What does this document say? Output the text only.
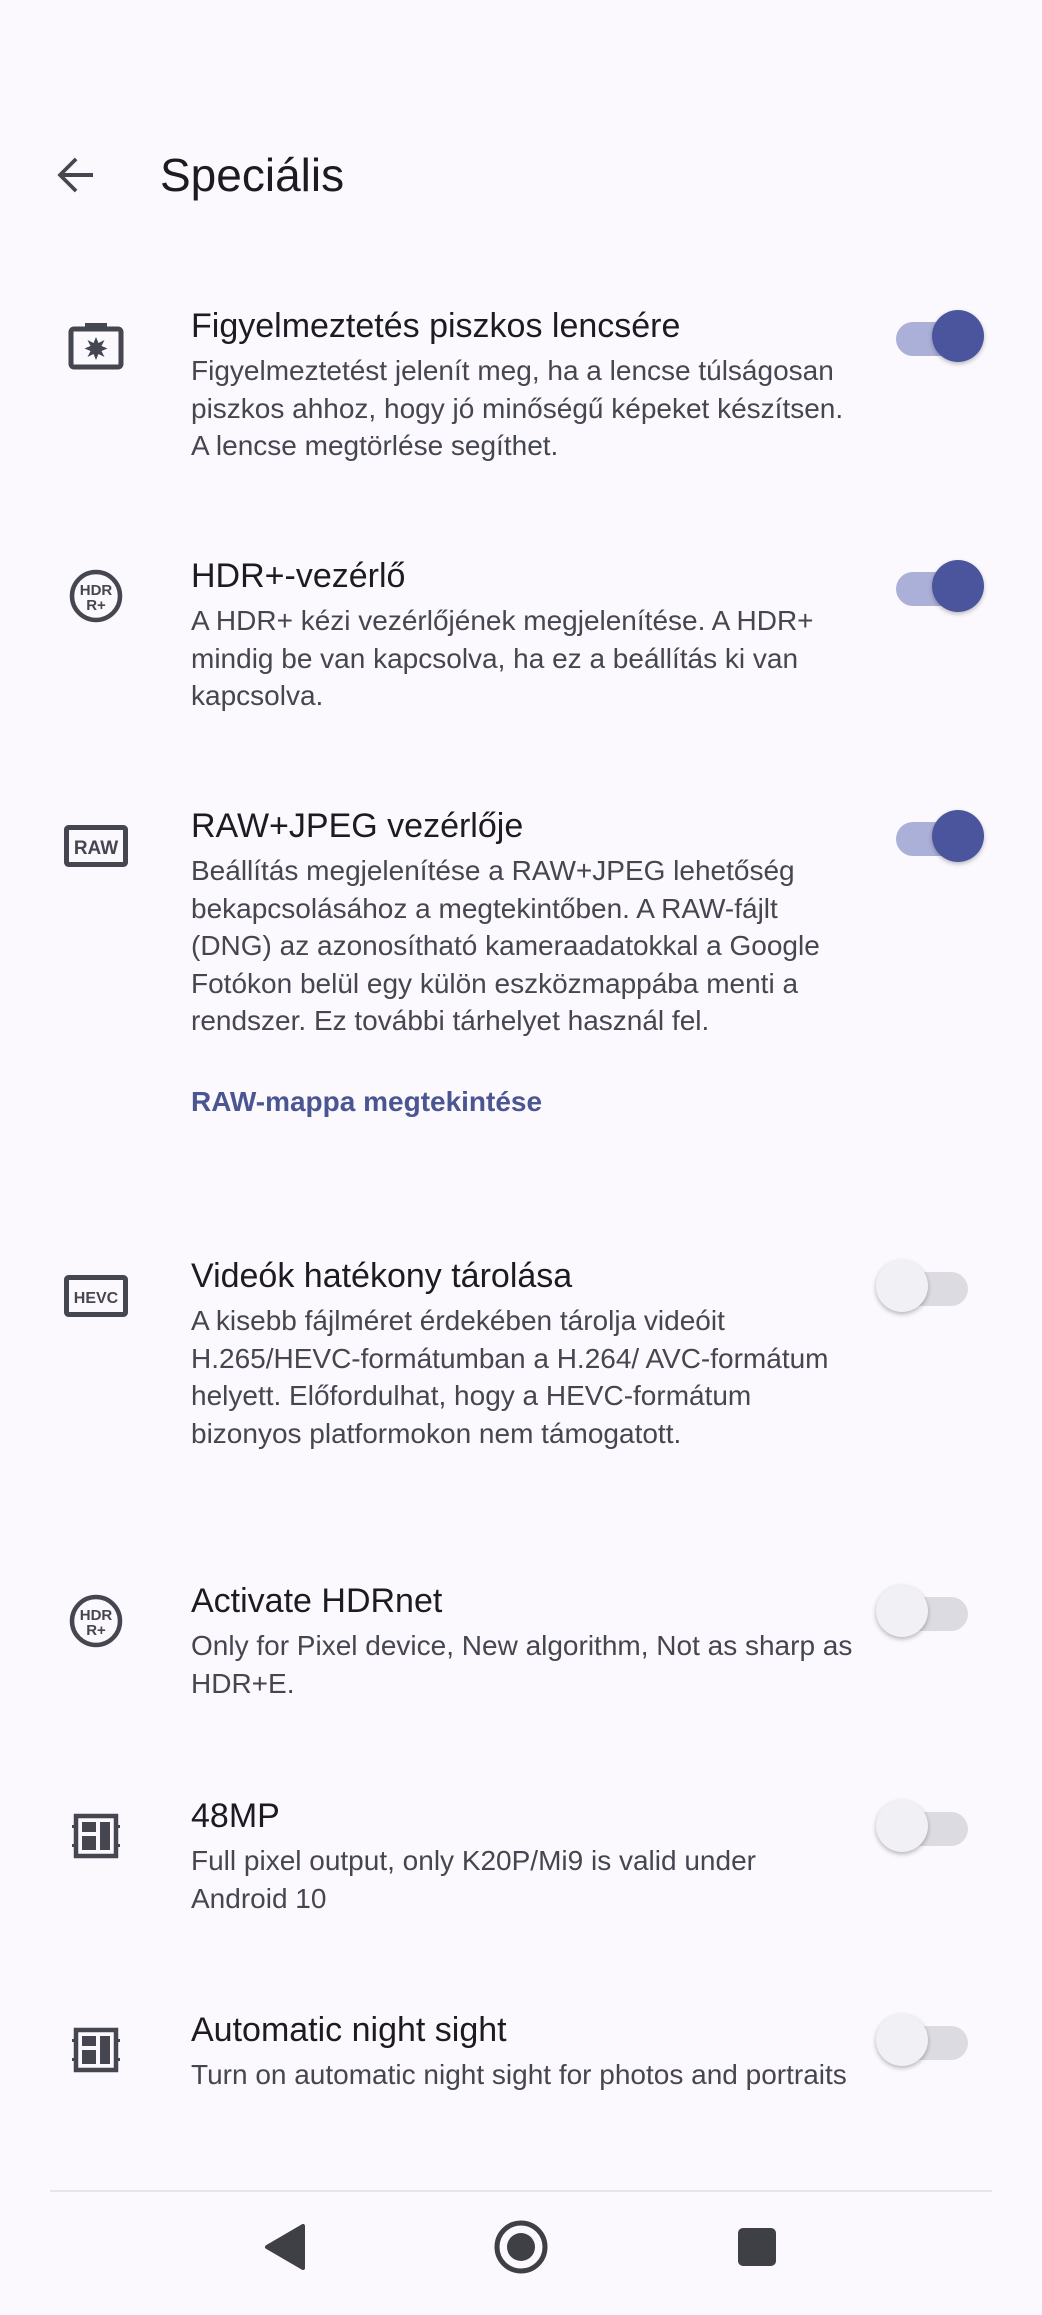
Speciális
Figyelmeztetés piszkos lencsére
Figyelmeztetést jelenít meg, ha a lencse túlságosan piszkos ahhoz, hogy jó minőségű képeket készítsen. A lencse megtörlése segíthet.
HDR
R+
HDR+-vezérlő
A HDR+ kézi vezérlőjének megjelenítése. A HDR+ mindig be van kapcsolva, ha ez a beállítás ki van kapcsolva.
RAW
RAW+JPEG vezérlője
Beállítás megjelenítése a RAW+JPEG lehetőség bekapcsolásához a megtekintőben. A RAW-fájlt (DNG) az azonosítható kameraadatokkal a Google Fotókon belül egy külön eszközmappába menti a rendszer. Ez további tárhelyet használ fel.
RAW-mappa megtekintése
HEVC
Videók hatékony tárolása
A kisebb fájlméret érdekében tárolja videóit H.265/HEVC-formátumban a H.264/ AVC-formátum helyett. Előfordulhat, hogy a HEVC-formátum bizonyos platformokon nem támogatott.
HDR
R+
Activate HDRnet
Only for Pixel device, New algorithm, Not as sharp as HDR+E.
48MP
Full pixel output, only K20P/Mi9 is valid under Android 10
Automatic night sight
Turn on automatic night sight for photos and portraits
